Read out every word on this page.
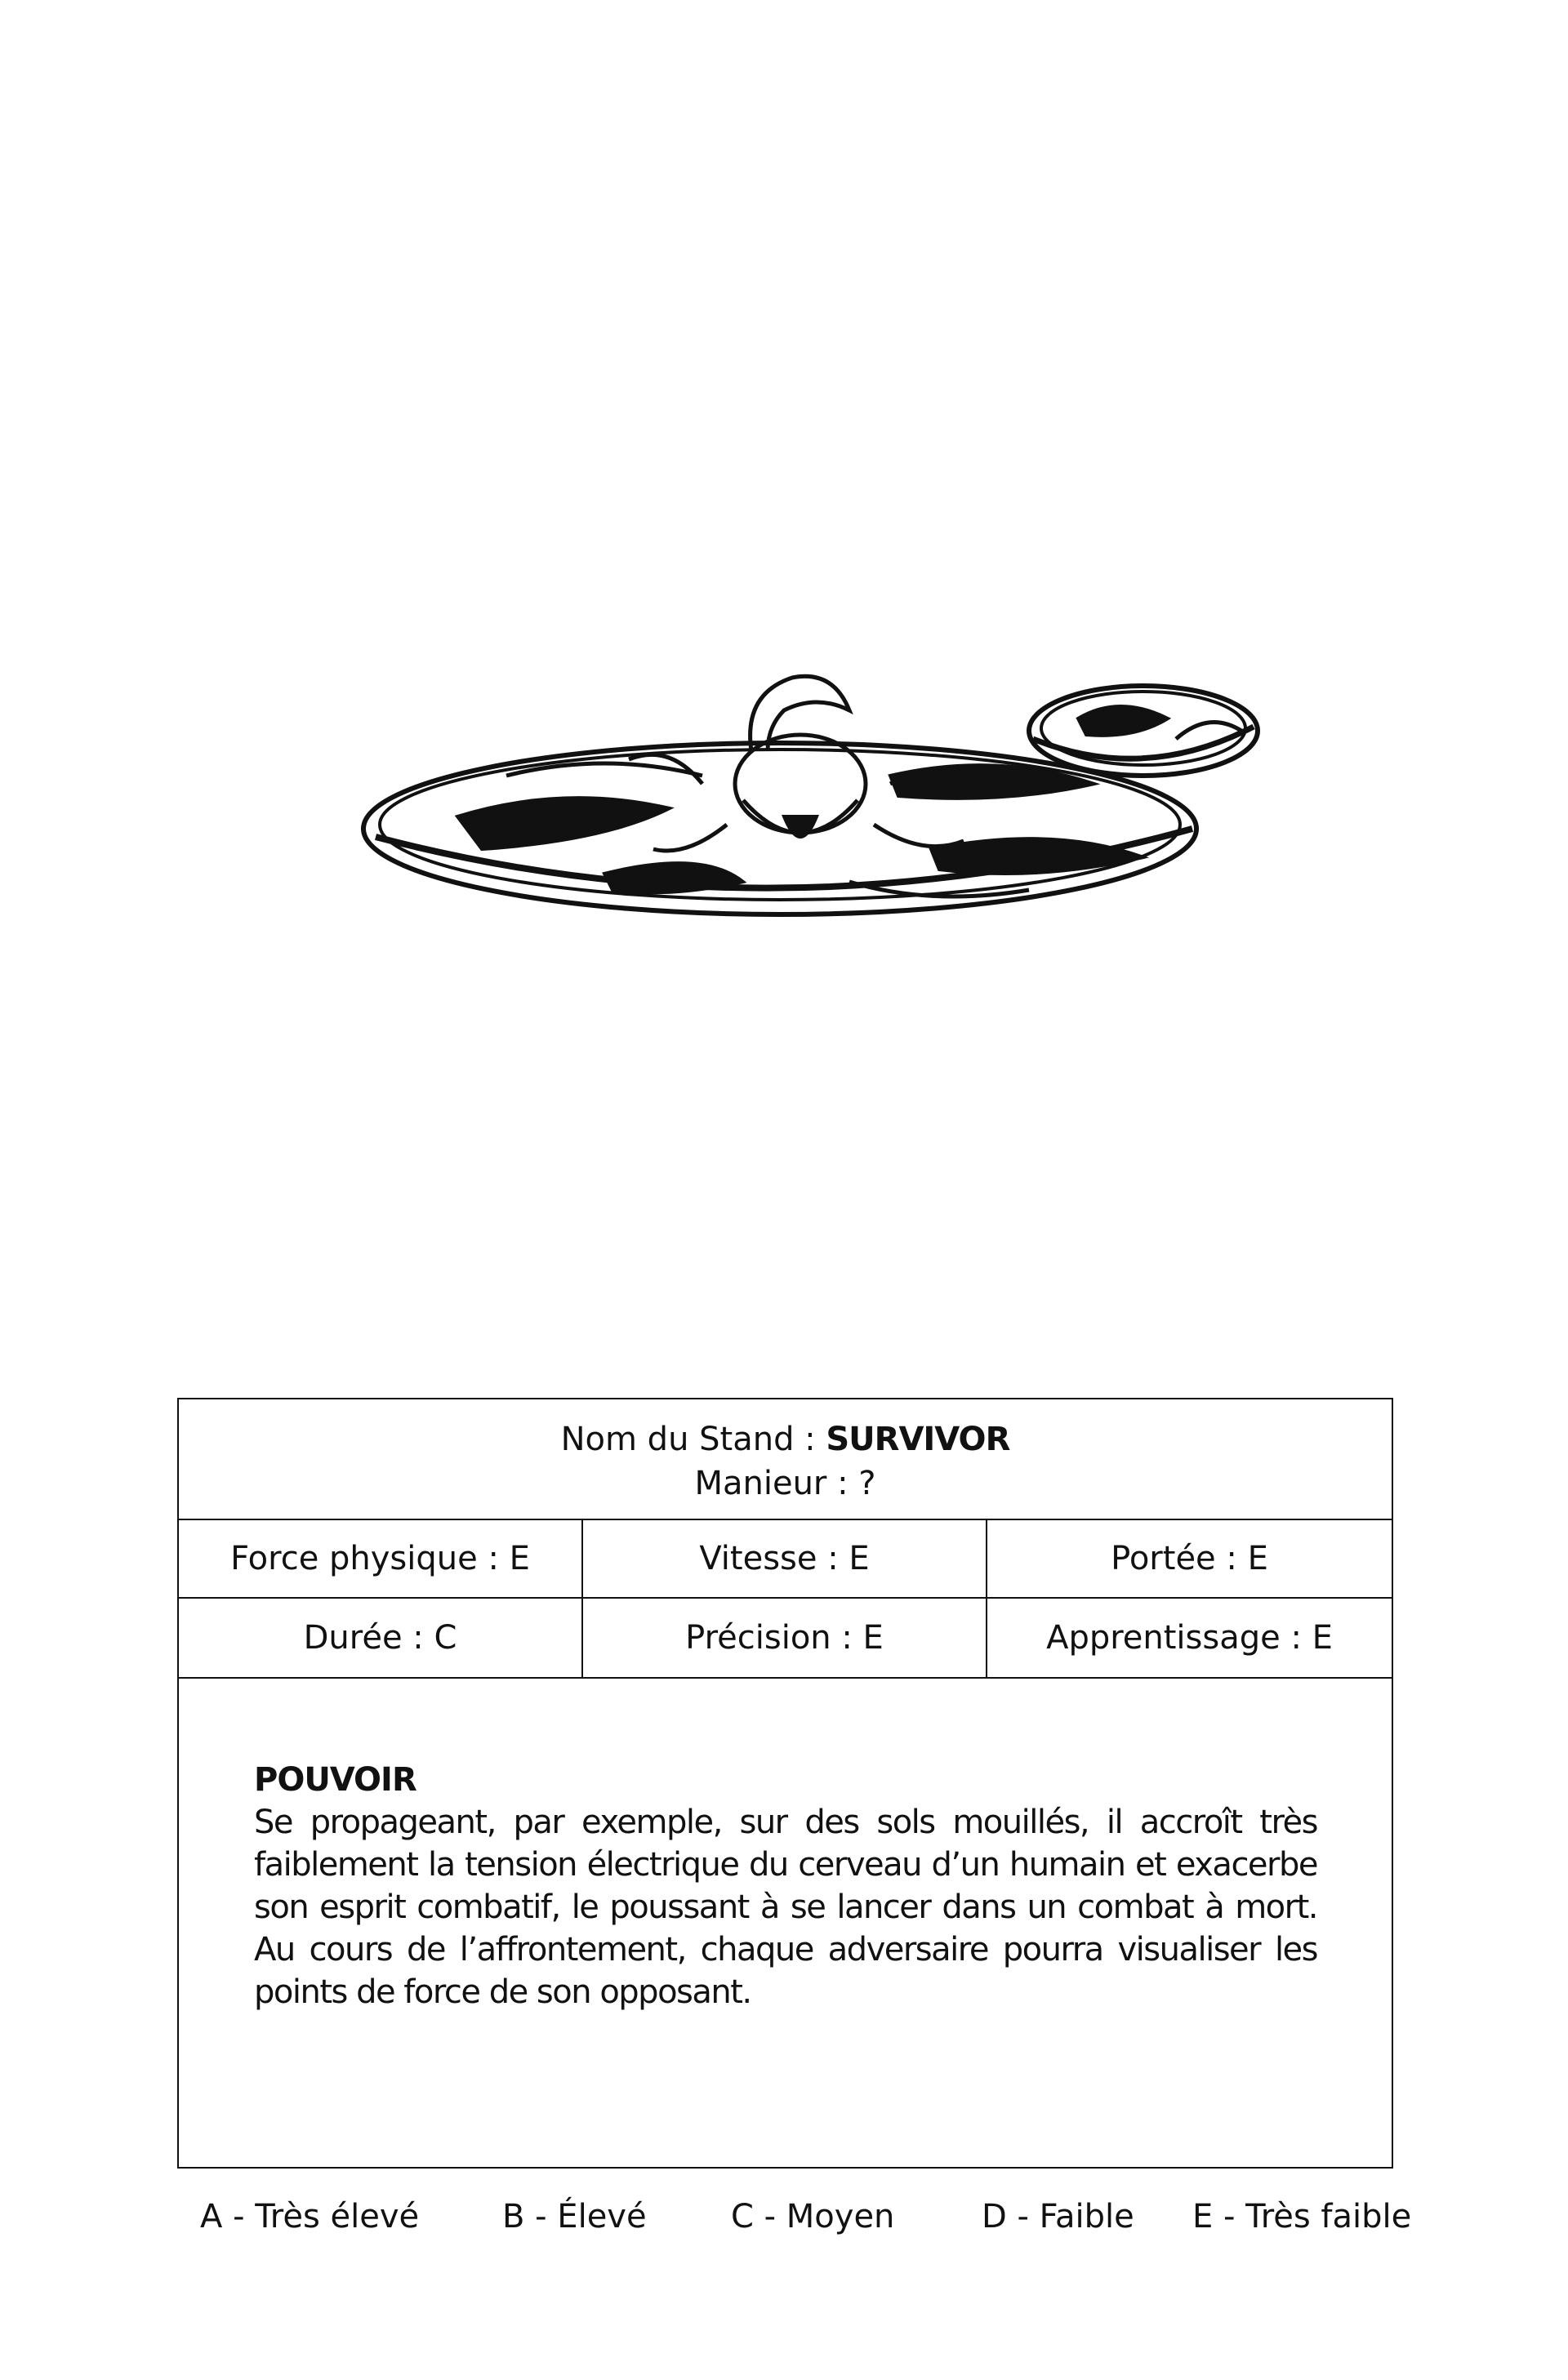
Nom du Stand : SURVIVOR
Manieur : ?
Force physique : E	Vitesse : E	Portée : E
Durée : C	Précision : E	Apprentissage : E
POUVOIR
Se propageant, par exemple, sur des sols mouillés, il accroît très faiblement la tension électrique du cerveau d’un humain et exacerbe son esprit combatif, le poussant à se lancer dans un combat à mort. Au cours de l’affrontement, chaque adversaire pourra visualiser les points de force de son opposant.
A - Très élevé	B - Élevé	C - Moyen	D - Faible E - Très faible
